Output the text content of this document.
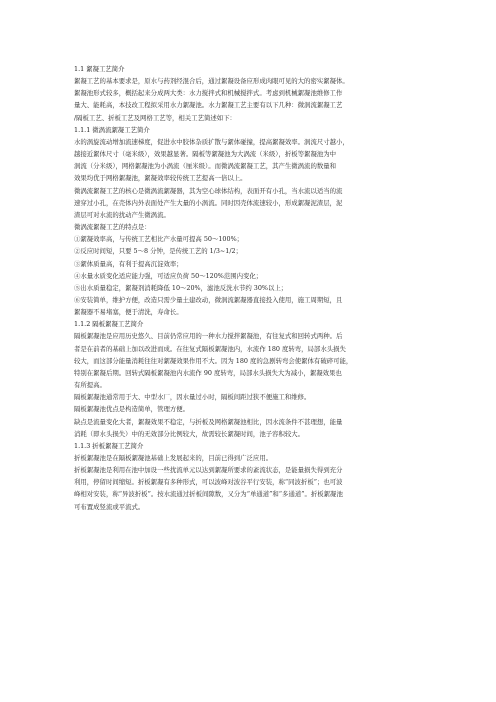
1.1 絮凝工艺简介
絮凝工艺的基本要求是，原水与药剂经混合后，通过絮凝设备应形成肉眼可见的大的密实絮凝体。
絮凝池形式较多，概括起来分成两大类：水力搅拌式和机械搅拌式。考虑到机械絮凝池维修工作
量大、能耗高，本技改工程拟采用水力絮凝池。水力絮凝工艺主要有以下几种：微涡流絮凝工艺
/隔板工艺、折板工艺及网格工艺等，相关工艺简述如下：
1.1.1 微涡流絮凝工艺简介
水的涡旋流动增加流速梯度，促进水中胶体杂质扩散与絮体碰撞，提高絮凝效率。涡流尺寸越小，
越接近絮体尺寸（毫米级），效果越显著。隔板等絮凝池为大涡流（米级），折板等絮凝池为中
涡流（分米级），网格絮凝池为小涡流（厘米级）。而微涡流絮凝工艺，其产生微涡流的数量和
效果均优于网格絮凝池，絮凝效率较传统工艺提高一倍以上。
微涡流絮凝工艺的核心是微涡流絮凝器，其为空心球体结构，表面开有小孔，当水流以适当的流
速穿过小孔，在壳体内外表面处产生大量的小涡流。同时因壳体流速较小，形成絮凝泥渣层，泥
渣层可对水流的扰动产生微涡流。
微涡流絮凝工艺的特点是：
①絮凝效率高，与传统工艺相比产水量可提高 50～100%；
②反应时间短，只要 5～8 分钟，是传统工艺的 1/3~1/2；
③絮体质量高，有利于提高沉淀效率；
④水量水质变化适应能力强，可适应负荷 50～120%范围内变化；
⑤出水质量稳定，絮凝剂消耗降低 10～20%，滤池反洗水节约 30%以上；
⑥安装简单，维护方便，改造只需少量土建改动，微涡流絮凝器直接投入使用，施工周期短，且
絮凝器不易堵塞，便于清洗，寿命长。
1.1.2 隔板絮凝工艺简介
隔板絮凝池是应用历史悠久、目前仍常应用的一种水力搅拌絮凝池，有往复式和回转式两种。后
者是在前者的基础上加以改进而成。在往复式隔板絮凝池内，水流作 180 度转弯，局部水头损失
较大，而这部分能量消耗往往对絮凝效果作用不大。因为 180 度的急剧转弯会使絮体有破碎可能，
特别在絮凝后期。回转式隔板絮凝池内水流作 90 度转弯，局部水头损失大为减小，絮凝效果也
有所提高。
隔板絮凝池通常用于大、中型水厂，因水量过小时，隔板间距过狭不便施工和维修。
隔板絮凝池优点是构造简单，管理方便。
缺点是流量变化大者，絮凝效果不稳定，与折板及网格絮凝池相比，因水流条件不甚理想，能量
消耗（即水头损失）中的无效部分比例较大，故需较长絮凝时间，池子容积较大。
1.1.3 折板絮凝工艺简介
折板絮凝池是在隔板絮凝池基础上发展起来的，目前已得到广泛应用。
折板絮凝池是利用在池中加设一些扰流单元以达到絮凝所要求的紊流状态，是能量损失得到充分
利用，停留时间缩短。折板絮凝有多种形式，可以波峰对波谷平行安装，称“同波折板”；也可波
峰相对安装，称“异波折板”。按水流通过折板间隙数，又分为“单通道”和“多通道”。折板絮凝池
可布置成竖流或平流式。
